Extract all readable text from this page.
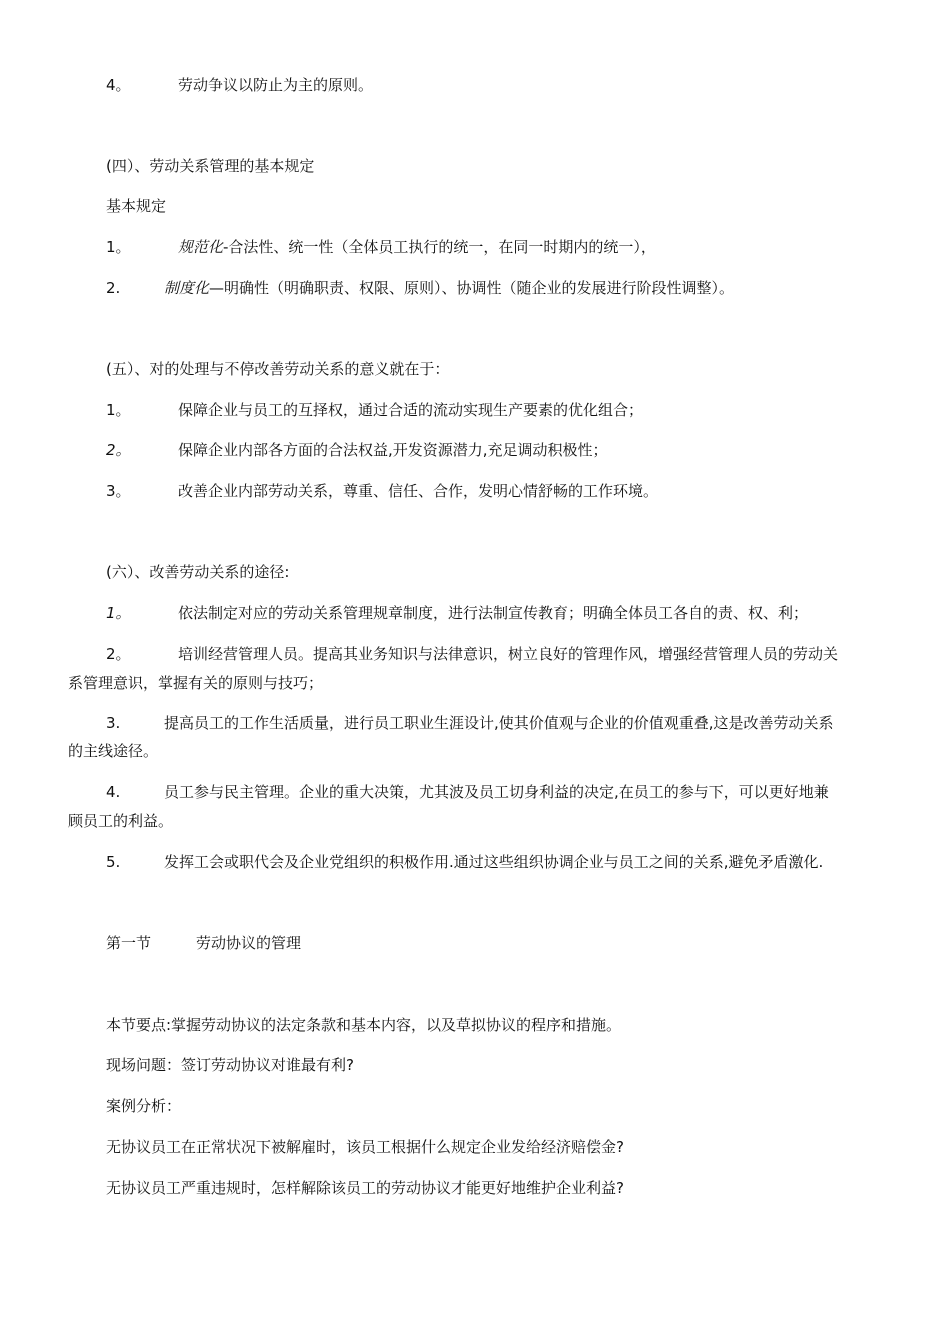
4。	劳动争议以防止为主的原则。
(四）、劳动关系管理的基本规定
基本规定
1。	规范化-合法性、统一性（全体员工执行的统一，在同一时期内的统一），
2.	制度化—明确性（明确职责、权限、原则）、协调性（随企业的发展进行阶段性调整）。
(五）、对的处理与不停改善劳动关系的意义就在于：
1。	保障企业与员工的互择权，通过合适的流动实现生产要素的优化组合；
2。	保障企业内部各方面的合法权益,开发资源潜力,充足调动积极性；
3。	改善企业内部劳动关系，尊重、信任、合作，发明心情舒畅的工作环境。
(六）、改善劳动关系的途径:
1。	依法制定对应的劳动关系管理规章制度，进行法制宣传教育；明确全体员工各自的责、权、利；
2。	培训经营管理人员。提高其业务知识与法律意识，树立良好的管理作风，增强经营管理人员的劳动关
系管理意识，掌握有关的原则与技巧；
3.	提高员工的工作生活质量，进行员工职业生涯设计,使其价值观与企业的价值观重叠,这是改善劳动关系
的主线途径。
4.	员工参与民主管理。企业的重大决策，尤其波及员工切身利益的决定,在员工的参与下，可以更好地兼
顾员工的利益。
5.	发挥工会或职代会及企业党组织的积极作用.通过这些组织协调企业与员工之间的关系,避免矛盾激化.
第一节	劳动协议的管理
本节要点:掌握劳动协议的法定条款和基本内容，以及草拟协议的程序和措施。
现场问题：签订劳动协议对谁最有利?
案例分析：
无协议员工在正常状况下被解雇时，该员工根据什么规定企业发给经济赔偿金?
无协议员工严重违规时，怎样解除该员工的劳动协议才能更好地维护企业利益?
